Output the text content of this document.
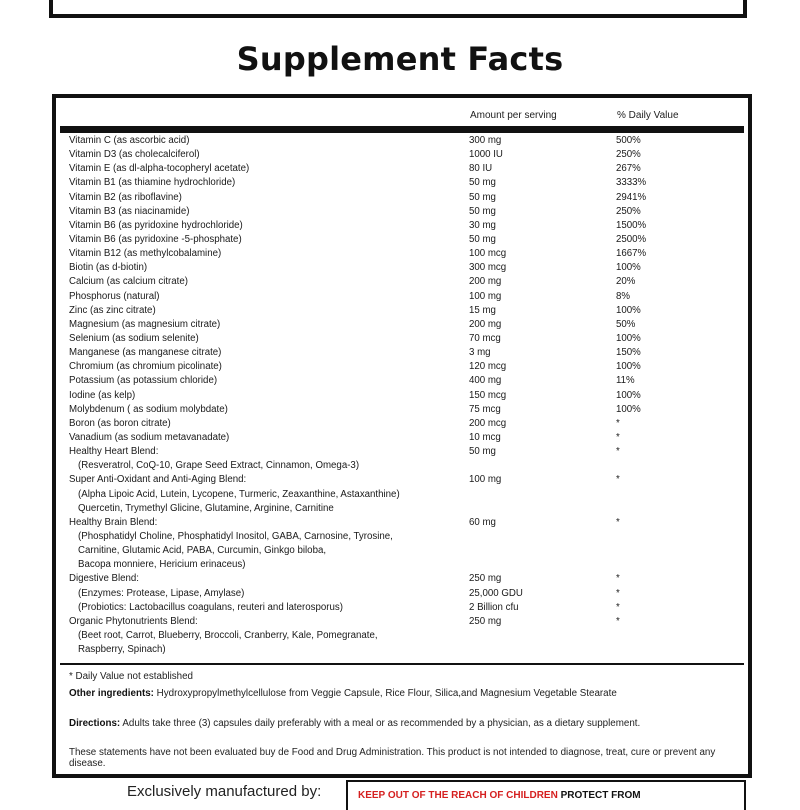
Supplement Facts
Amount per serving	% Daily Value
Vitamin C (as ascorbic acid)	300 mg	500%
Vitamin D3 (as cholecalciferol)	1000 IU	250%
Vitamin E (as dl-alpha-tocopheryl acetate)	80 IU	267%
Vitamin B1 (as thiamine hydrochloride)	50 mg	3333%
Vitamin B2 (as riboflavine)	50 mg	2941%
Vitamin B3 (as niacinamide)	50 mg	250%
Vitamin B6 (as pyridoxine hydrochloride)	30 mg	1500%
Vitamin B6 (as pyridoxine -5-phosphate)	50 mg	2500%
Vitamin B12 (as methylcobalamine)	100 mcg	1667%
Biotin (as d-biotin)	300 mcg	100%
Calcium (as calcium citrate)	200 mg	20%
Phosphorus (natural)	100 mg	8%
Zinc (as zinc citrate)	15 mg	100%
Magnesium (as magnesium citrate)	200 mg	50%
Selenium (as sodium selenite)	70 mcg	100%
Manganese (as manganese citrate)	3 mg	150%
Chromium (as chromium picolinate)	120 mcg	100%
Potassium (as potassium chloride)	400 mg	11%
Iodine (as kelp)	150 mcg	100%
Molybdenum ( as sodium molybdate)	75 mcg	100%
Boron (as boron citrate)	200 mcg	*
Vanadium (as sodium metavanadate)	10 mcg	*
Healthy Heart Blend:	50 mg	*
(Resveratrol, CoQ-10, Grape Seed Extract, Cinnamon, Omega-3)
Super Anti-Oxidant and Anti-Aging Blend:	100 mg	*
(Alpha Lipoic Acid, Lutein, Lycopene, Turmeric, Zeaxanthine, Astaxanthine)
Quercetin, Trymethyl Glicine, Glutamine, Arginine, Carnitine
Healthy Brain Blend:	60 mg	*
(Phosphatidyl Choline, Phosphatidyl Inositol, GABA, Carnosine, Tyrosine,
Carnitine, Glutamic Acid, PABA, Curcumin, Ginkgo biloba,
Bacopa monniere, Hericium erinaceus)
Digestive Blend:	250 mg	*
(Enzymes: Protease, Lipase, Amylase)	25,000 GDU	*
(Probiotics: Lactobacillus coagulans, reuteri and laterosporus)	2 Billion cfu	*
Organic Phytonutrients Blend:	250 mg	*
(Beet root, Carrot, Blueberry, Broccoli, Cranberry, Kale, Pomegranate,
Raspberry, Spinach)
* Daily Value not established
Other ingredients: Hydroxypropylmethylcellulose from Veggie Capsule, Rice Flour, Silica,and Magnesium Vegetable Stearate
Directions: Adults take three (3) capsules daily preferably with a meal or as recommended by a physician, as a dietary supplement.
These statements have not been evaluated buy de Food and Drug Administration. This product is not intended to diagnose, treat, cure or prevent any disease.
Exclusively manufactured by:	KEEP OUT OF THE REACH OF CHILDREN PROTECT FROM
